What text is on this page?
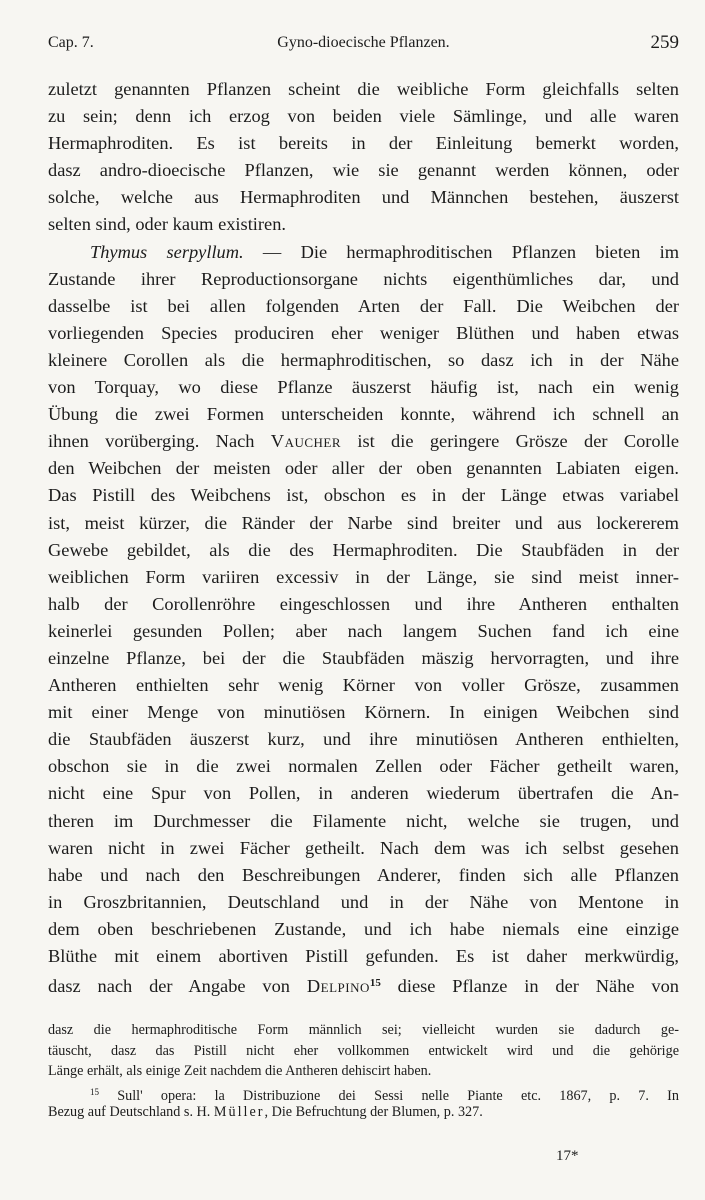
Cap. 7.	Gyno-dioecische Pflanzen.	259
zuletzt genannten Pflanzen scheint die weibliche Form gleichfalls selten
zu sein; denn ich erzog von beiden viele Sämlinge, und alle waren
Hermaphroditen. Es ist bereits in der Einleitung bemerkt worden,
dasz andro-dioecische Pflanzen, wie sie genannt werden können, oder
solche, welche aus Hermaphroditen und Männchen bestehen, äuszerst
selten sind, oder kaum existiren.
Thymus serpyllum. — Die hermaphroditischen Pflanzen bieten im
Zustande ihrer Reproductionsorgane nichts eigenthümliches dar, und
dasselbe ist bei allen folgenden Arten der Fall. Die Weibchen der
vorliegenden Species produciren eher weniger Blüthen und haben etwas
kleinere Corollen als die hermaphroditischen, so dasz ich in der Nähe
von Torquay, wo diese Pflanze äuszerst häufig ist, nach ein wenig
Übung die zwei Formen unterscheiden konnte, während ich schnell an
ihnen vorüberging. Nach Vaucher ist die geringere Grösze der Corolle
den Weibchen der meisten oder aller der oben genannten Labiaten eigen.
Das Pistill des Weibchens ist, obschon es in der Länge etwas variabel
ist, meist kürzer, die Ränder der Narbe sind breiter und aus lockererem
Gewebe gebildet, als die des Hermaphroditen. Die Staubfäden in der
weiblichen Form variiren excessiv in der Länge, sie sind meist inner-
halb der Corollenröhre eingeschlossen und ihre Antheren enthalten
keinerlei gesunden Pollen; aber nach langem Suchen fand ich eine
einzelne Pflanze, bei der die Staubfäden mäszig hervorragten, und ihre
Antheren enthielten sehr wenig Körner von voller Grösze, zusammen
mit einer Menge von minutiösen Körnern. In einigen Weibchen sind
die Staubfäden äuszerst kurz, und ihre minutiösen Antheren enthielten,
obschon sie in die zwei normalen Zellen oder Fächer getheilt waren,
nicht eine Spur von Pollen, in anderen wiederum übertrafen die An-
theren im Durchmesser die Filamente nicht, welche sie trugen, und
waren nicht in zwei Fächer getheilt. Nach dem was ich selbst gesehen
habe und nach den Beschreibungen Anderer, finden sich alle Pflanzen
in Groszbritannien, Deutschland und in der Nähe von Mentone in
dem oben beschriebenen Zustande, und ich habe niemals eine einzige
Blüthe mit einem abortiven Pistill gefunden. Es ist daher merkwürdig,
dasz nach der Angabe von Delpino$^{15}$ diese Pflanze in der Nähe von
dasz die hermaphroditische Form männlich sei; vielleicht wurden sie dadurch ge-
täuscht, dasz das Pistill nicht eher vollkommen entwickelt wird und die gehörige
Länge erhält, als einige Zeit nachdem die Antheren dehiscirt haben.
$^{15}$ Sull' opera: la Distribuzione dei Sessi nelle Piante etc. 1867, p. 7. In
Bezug auf Deutschland s. H. Müller, Die Befruchtung der Blumen, p. 327.
17*
